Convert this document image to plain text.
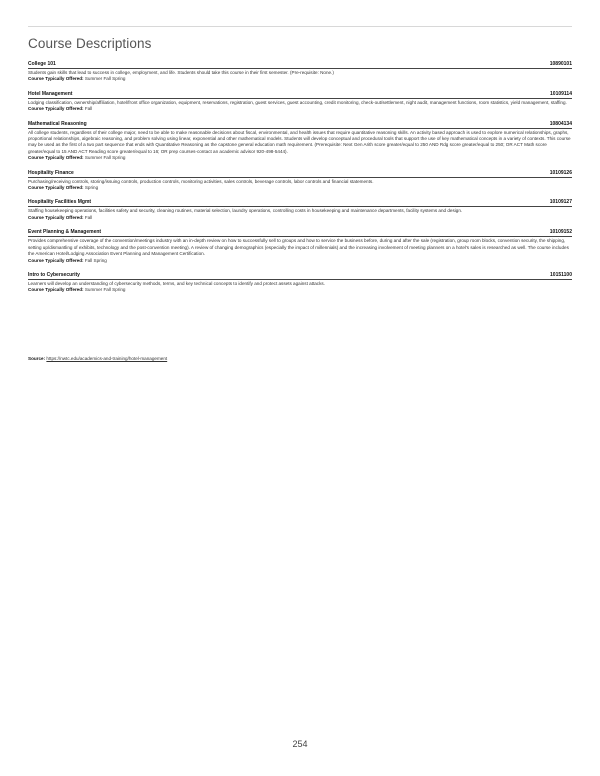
Course Descriptions
College 101	10890101
Students gain skills that lead to success in college, employment, and life. Students should take this course in their first semester. (Pre-requisite: None.)
Course Typically Offered: Summer Fall Spring
Hotel Management	10109114
Lodging classification, ownership/affiliation, hotel/front office organization, equipment, reservations, registration, guest services, guest accounting, credit monitoring, check-out/settlement, night audit, management functions, room statistics, yield management, staffing.
Course Typically Offered: Fall
Mathematical Reasoning	10804134
All college students, regardless of their college major, need to be able to make reasonable decisions about fiscal, environmental, and health issues that require quantitative reasoning skills. An activity based approach is used to explore numerical relationships, graphs, proportional relationships, algebraic reasoning, and problem solving using linear, exponential and other mathematical models. Students will develop conceptual and procedural tools that support the use of key mathematical concepts in a variety of contexts. This course may be used as the first of a two part sequence that ends with Quantitative Reasoning as the capstone general education math requirement. (Prerequisite: Next Gen Arith score greater/equal to 250 AND Rdg score greater/equal to 250; OR ACT Math score greater/equal to 15 AND ACT Reading score greater/equal to 16; OR prep courses-contact an academic advisor 920-498-5444).
Course Typically Offered: Summer Fall Spring
Hospitality Finance	10109126
Purchasing/receiving controls, storing/issuing controls, production controls, monitoring activities, sales controls, beverage controls, labor controls and financial statements.
Course Typically Offered: Spring
Hospitality Facilities Mgmt	10109127
Staffing housekeeping operations, facilities safety and security, cleaning routines, material selection, laundry operations, controlling costs in housekeeping and maintenance departments, facility systems and design.
Course Typically Offered: Fall
Event Planning & Management	10109152
Provides comprehensive coverage of the convention/meetings industry with an in-depth review on how to successfully sell to groups and how to service the business before, during and after the sale (registration, group room blocks, convention security, the shipping, setting up/dismantling of exhibits, technology and the post-convention meeting). A review of changing demographics (especially the impact of millennials) and the increasing involvement of meeting planners on a hotel's sales is researched as well. The course includes the American Hotel/Lodging Association Event Planning and Management Certification.
Course Typically Offered: Fall Spring
Intro to Cybersecurity	10151100
Learners will develop an understanding of cybersecurity methods, terms, and key technical concepts to identify and protect assets against attacks.
Course Typically Offered: Summer Fall Spring
Source: https://nwtc.edu/academics-and-training/hotel-management
254
